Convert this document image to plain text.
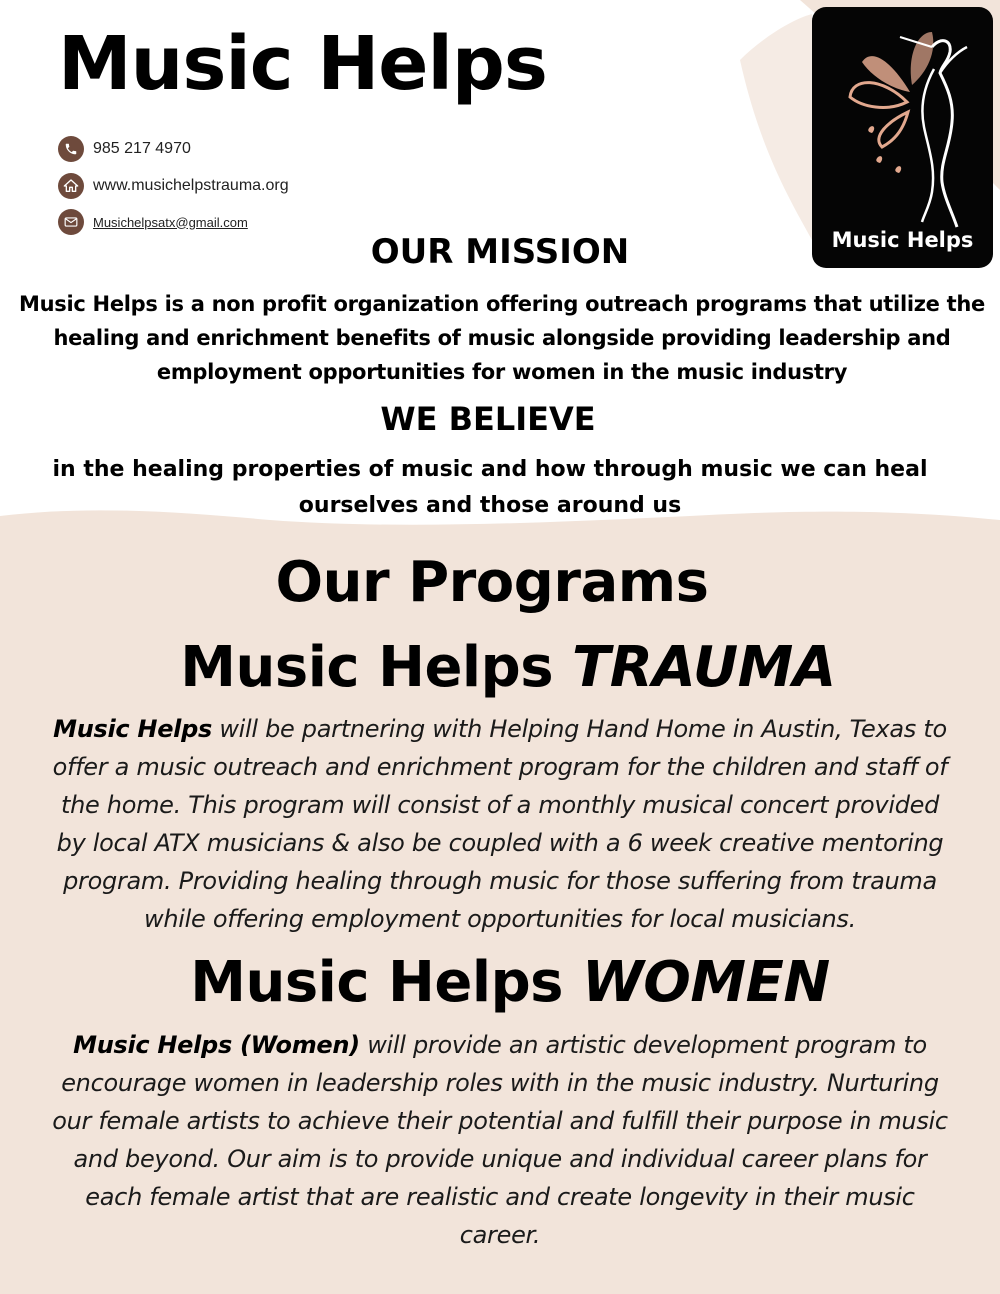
Music Helps
985 217 4970
www.musichelpstrauma.org
Musichelpsatx@gmail.com
Music Helps
OUR MISSION

Music Helps is a non profit organization offering outreach programs that utilize the healing and enrichment benefits of music alongside providing leadership and employment opportunities for women in the music industry

WE BELIEVE

in the healing properties of music and how through music we can heal ourselves and those around us

Our Programs
Music Helps TRAUMA

Music Helps will be partnering with Helping Hand Home in Austin, Texas to offer a music outreach and enrichment program for the children and staff of the home. This program will consist of a monthly musical concert provided by local ATX musicians & also be coupled with a 6 week creative mentoring program. Providing healing through music for those suffering from trauma while offering employment opportunities for local musicians.

Music Helps WOMEN

Music Helps (Women) will provide an artistic development program to encourage women in leadership roles with in the music industry. Nurturing our female artists to achieve their potential and fulfill their purpose in music and beyond. Our aim is to provide unique and individual career plans for each female artist that are realistic and create longevity in their music career.
